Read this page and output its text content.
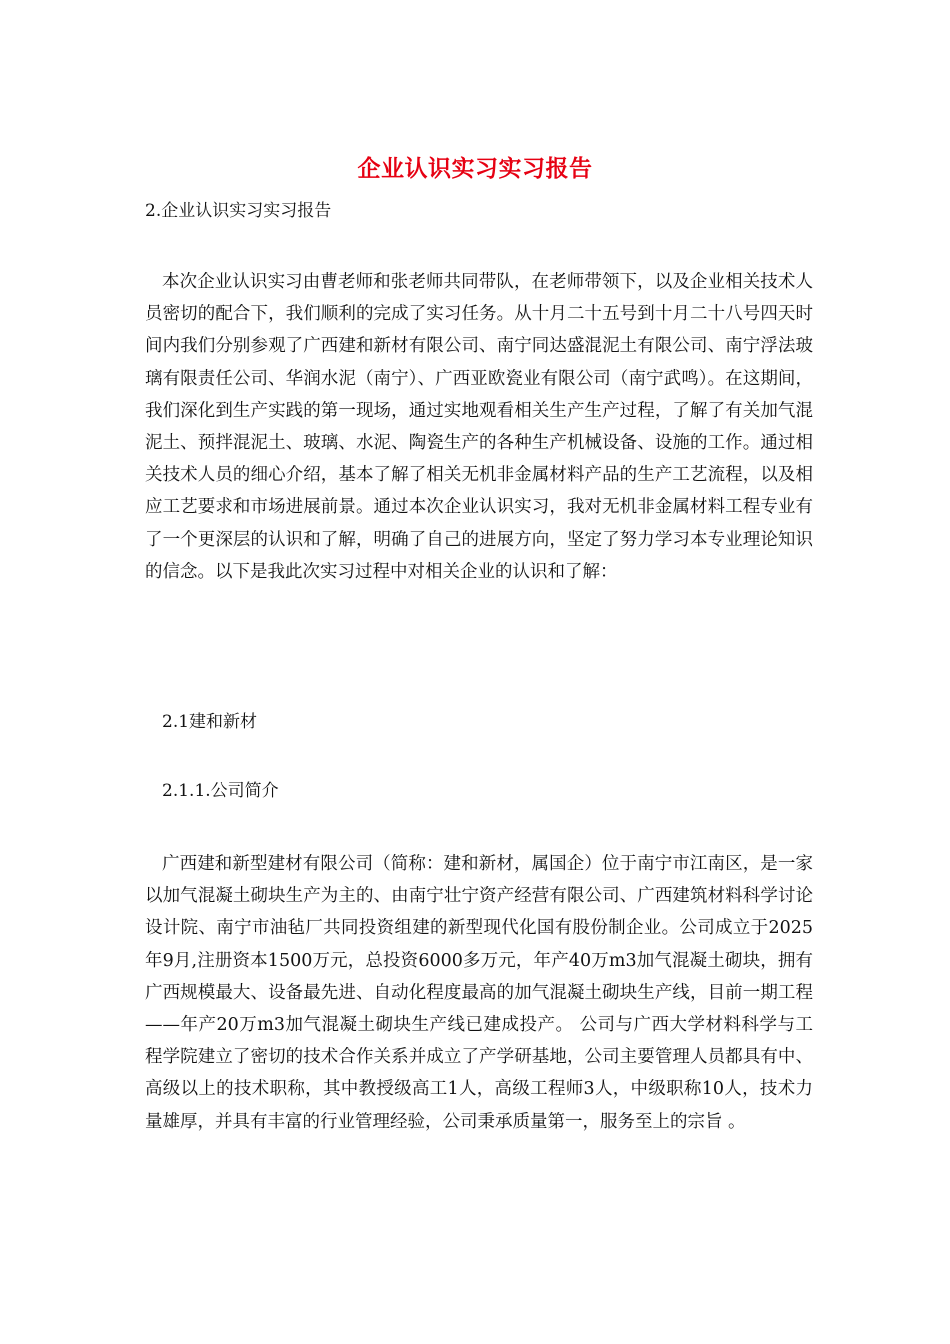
企业认识实习实习报告
2.企业认识实习实习报告
本次企业认识实习由曹老师和张老师共同带队，在老师带领下，以及企业相关技术人员密切的配合下，我们顺利的完成了实习任务。从十月二十五号到十月二十八号四天时间内我们分别参观了广西建和新材有限公司、南宁同达盛混泥土有限公司、南宁浮法玻璃有限责任公司、华润水泥（南宁）、广西亚欧瓷业有限公司（南宁武鸣）。在这期间，我们深化到生产实践的第一现场，通过实地观看相关生产生产过程，了解了有关加气混泥土、预拌混泥土、玻璃、水泥、陶瓷生产的各种生产机械设备、设施的工作。通过相关技术人员的细心介绍，基本了解了相关无机非金属材料产品的生产工艺流程，以及相应工艺要求和市场进展前景。通过本次企业认识实习，我对无机非金属材料工程专业有了一个更深层的认识和了解，明确了自己的进展方向，坚定了努力学习本专业理论知识的信念。以下是我此次实习过程中对相关企业的认识和了解：
2.1建和新材
2.1.1.公司简介
广西建和新型建材有限公司（简称：建和新材，属国企）位于南宁市江南区，是一家以加气混凝土砌块生产为主的、由南宁壮宁资产经营有限公司、广西建筑材料科学讨论设计院、南宁市油毡厂共同投资组建的新型现代化国有股份制企业。公司成立于2025年9月,注册资本1500万元，总投资6000多万元，年产40万m3加气混凝土砌块，拥有广西规模最大、设备最先进、自动化程度最高的加气混凝土砌块生产线，目前一期工程——年产20万m3加气混凝土砌块生产线已建成投产。 公司与广西大学材料科学与工程学院建立了密切的技术合作关系并成立了产学研基地，公司主要管理人员都具有中、高级以上的技术职称，其中教授级高工1人，高级工程师3人，中级职称10人，技术力量雄厚，并具有丰富的行业管理经验，公司秉承质量第一，服务至上的宗旨 。
